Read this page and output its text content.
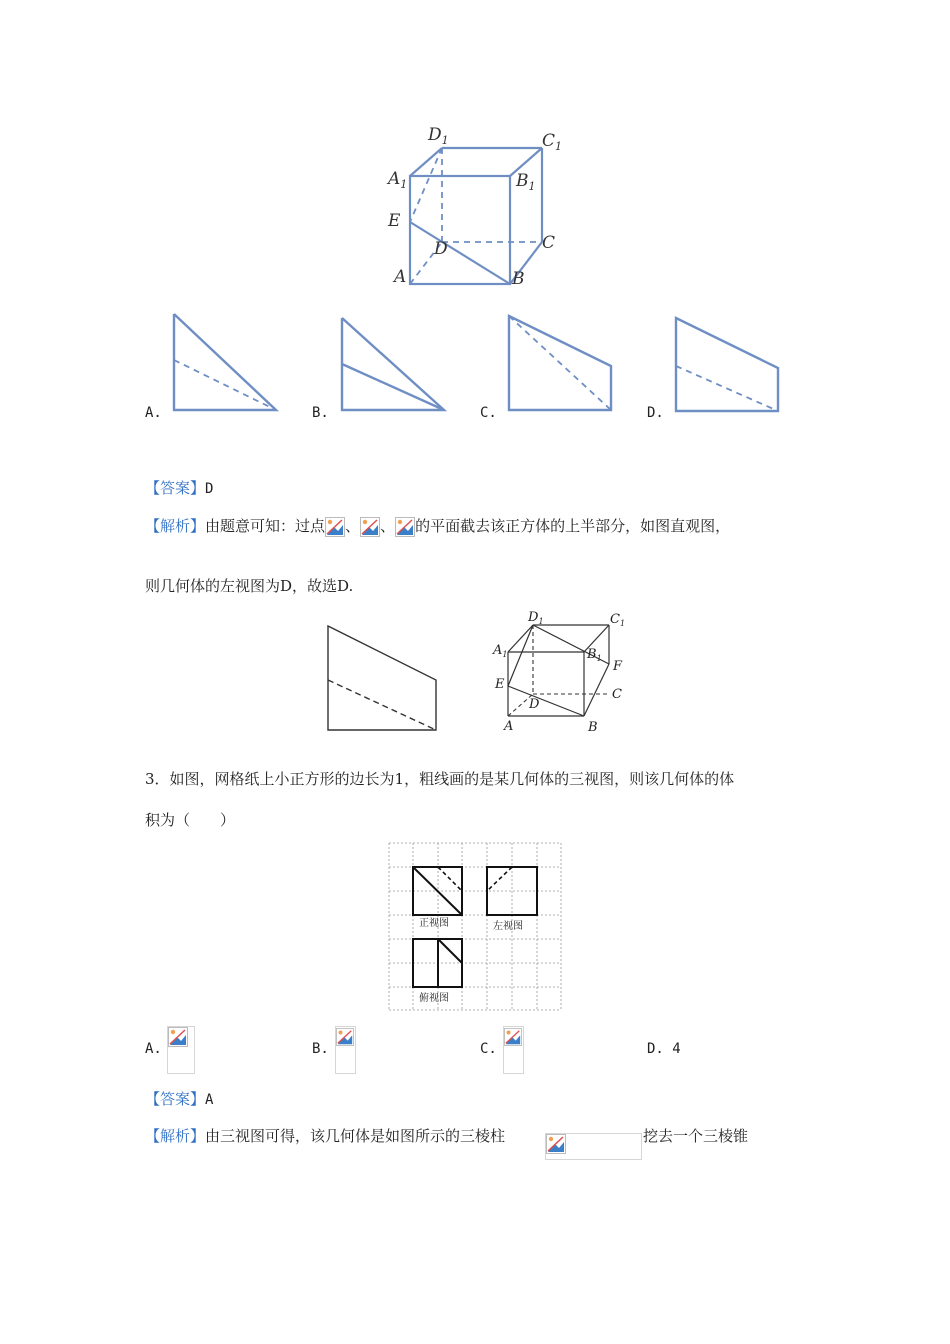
$D_1$	$C_1$
$A_1$	$B_1$
E
D	C
A	B
A.	B.	C.	D.
【答案】D
【解析】由题意可知：过点 、 、 的平面截去该正方体的上半部分，如图直观图，
则几何体的左视图为D，故选D.
$D_1$	$C_1$
$A_1$	$B_1$
F
E
D
C
A	B
3．如图，网格纸上小正方形的边长为1，粗线画的是某几何体的三视图，则该几何体的体
积为（　　）
正视图	左视图
俯视图
A.	B.	C.	D. 4
【答案】A
【解析】由三视图可得，该几何体是如图所示的三棱柱	挖去一个三棱锥
